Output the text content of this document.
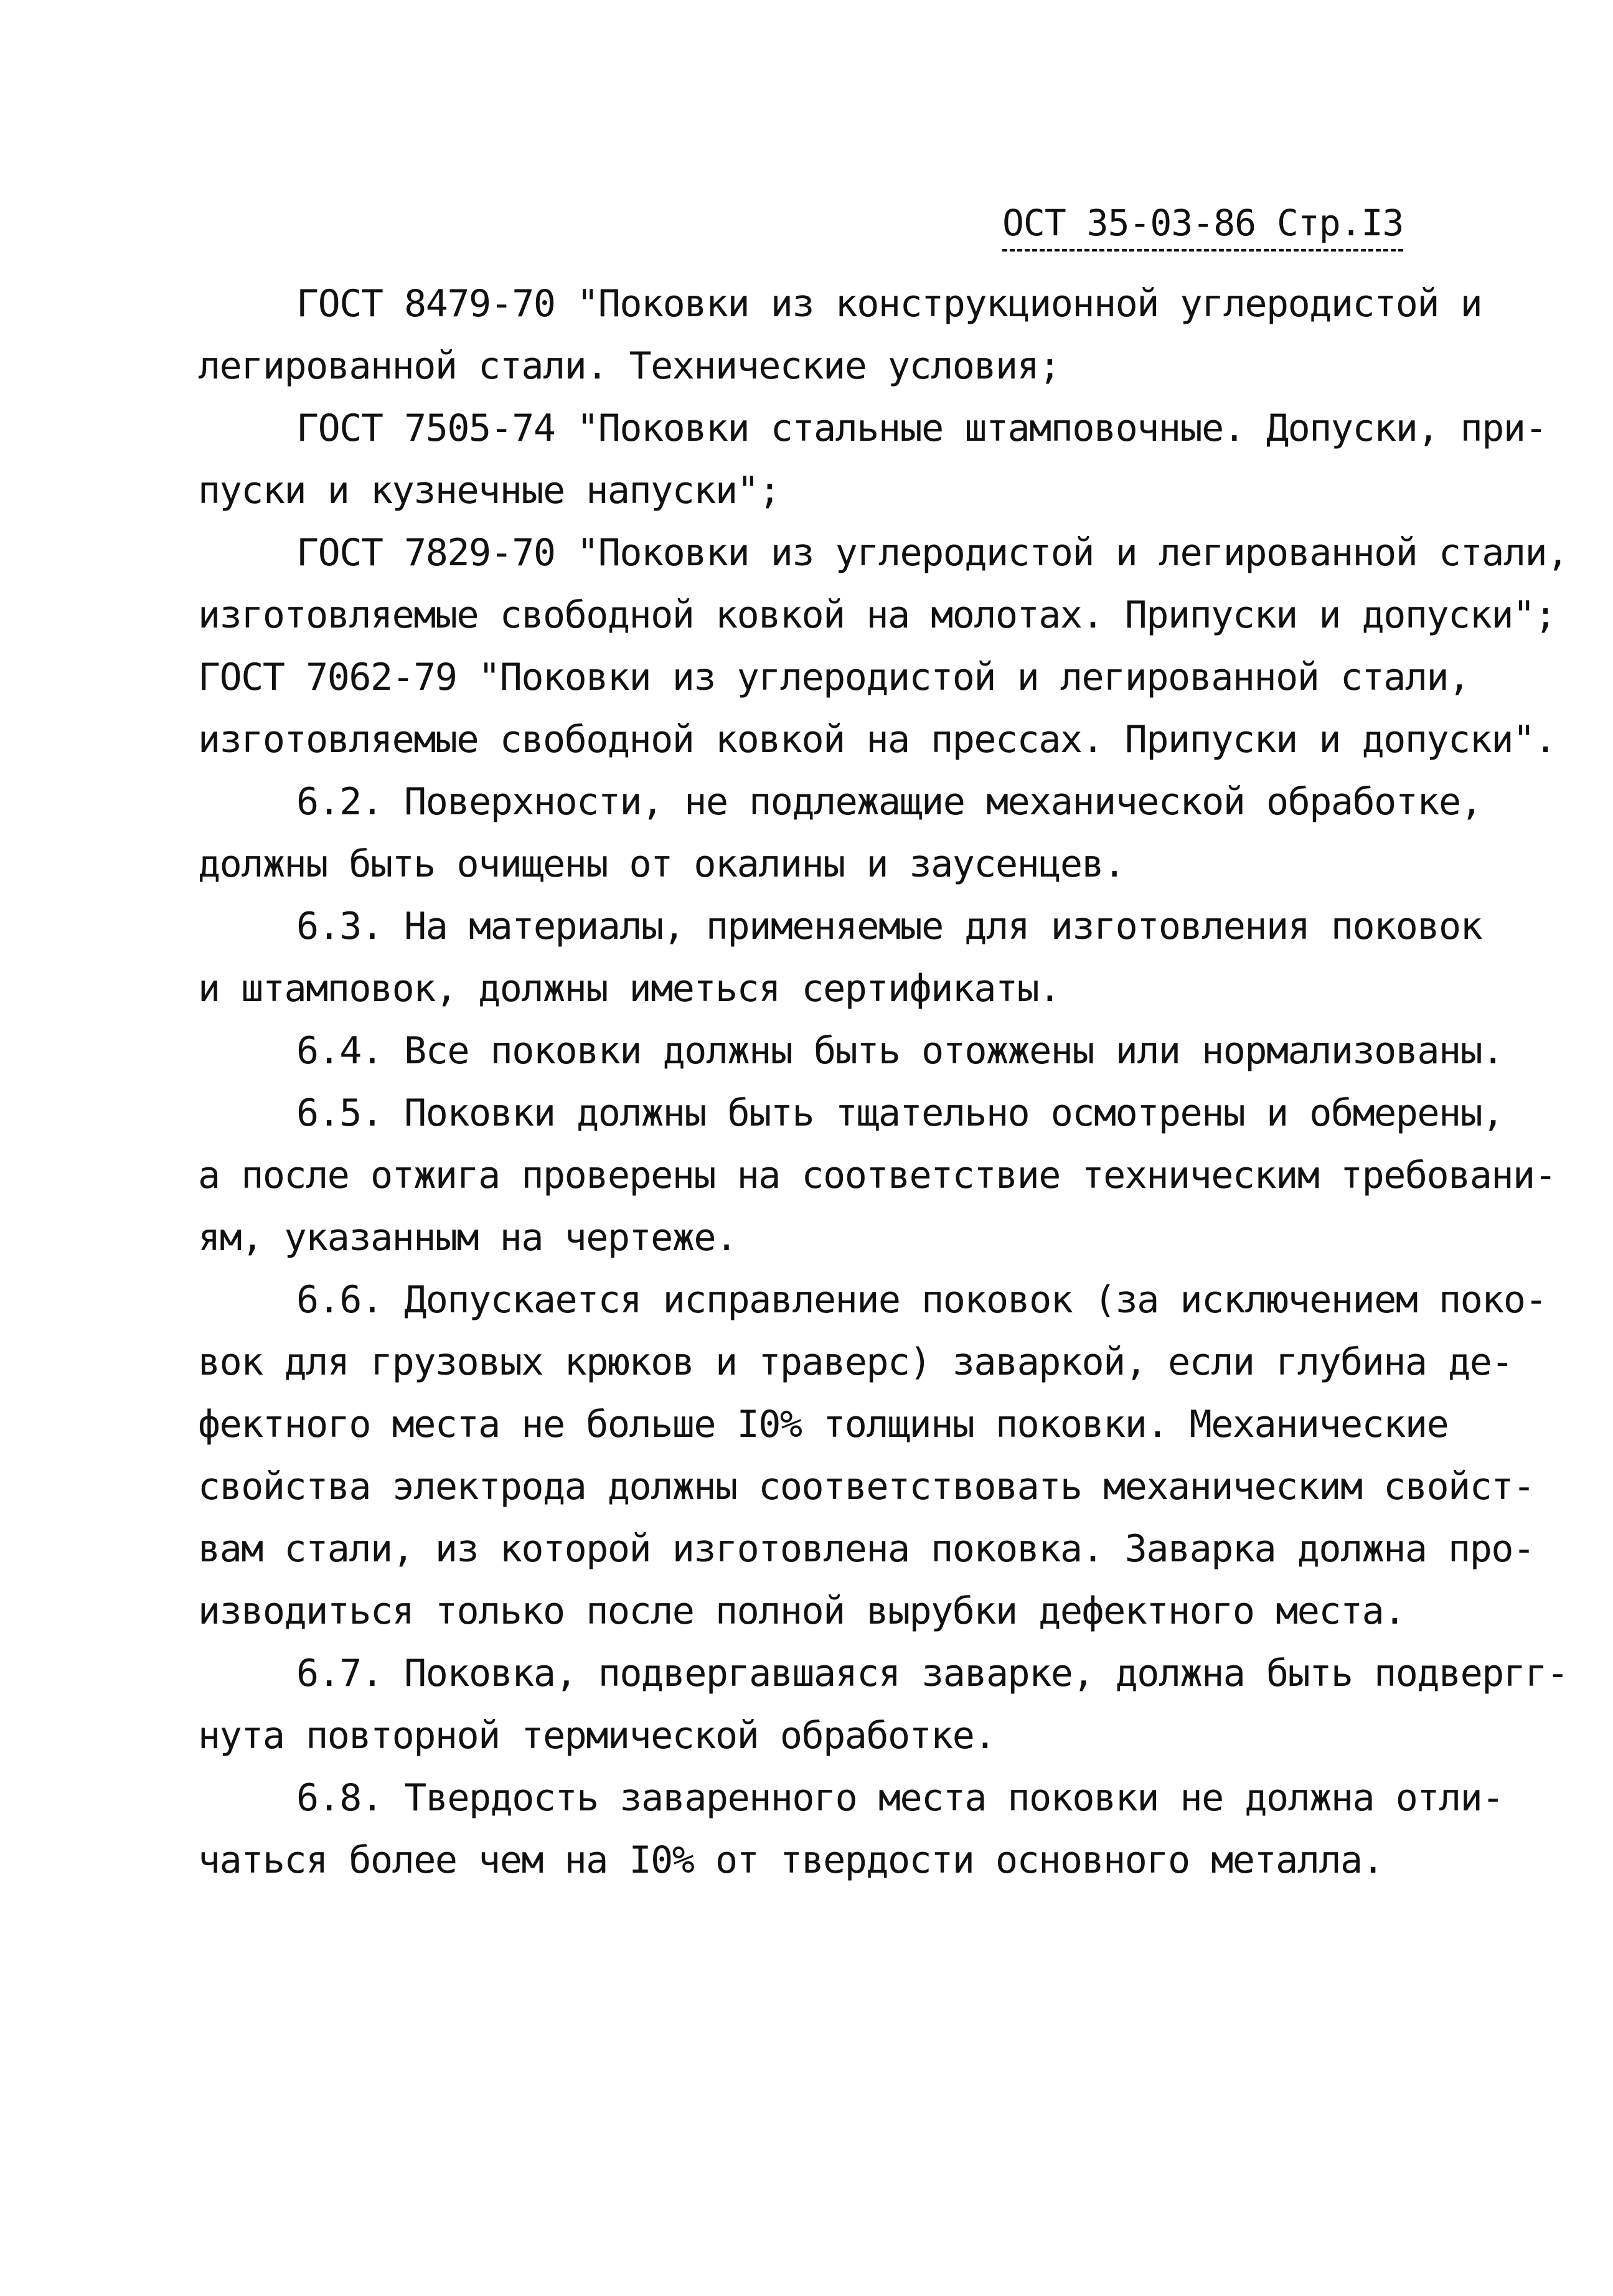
ОСТ 35-03-86 Стр.I3
ГОСТ 8479-70 "Поковки из конструкционной углеродистой и
легированной стали. Технические условия;
ГОСТ 7505-74 "Поковки стальные штамповочные. Допуски, при-
пуски и кузнечные напуски";
ГОСТ 7829-70 "Поковки из углеродистой и легированной стали,
изготовляемые свободной ковкой на молотах. Припуски и допуски";
ГОСТ 7062-79 "Поковки из углеродистой и легированной стали,
изготовляемые свободной ковкой на прессах. Припуски и допуски".
6.2. Поверхности, не подлежащие механической обработке,
должны быть очищены от окалины и заусенцев.
6.3. На материалы, применяемые для изготовления поковок
и штамповок, должны иметься сертификаты.
6.4. Все поковки должны быть отожжены или нормализованы.
6.5. Поковки должны быть тщательно осмотрены и обмерены,
а после отжига проверены на соответствие техническим требовани-
ям, указанным на чертеже.
6.6. Допускается исправление поковок (за исключением поко-
вок для грузовых крюков и траверс) заваркой, если глубина де-
фектного места не больше I0% толщины поковки. Механические
свойства электрода должны соответствовать механическим свойст-
вам стали, из которой изготовлена поковка. Заварка должна про-
изводиться только после полной вырубки дефектного места.
6.7. Поковка, подвергавшаяся заварке, должна быть подвергг-
нута повторной термической обработке.
6.8. Твердость заваренного места поковки не должна отли-
чаться более чем на I0% от твердости основного металла.
